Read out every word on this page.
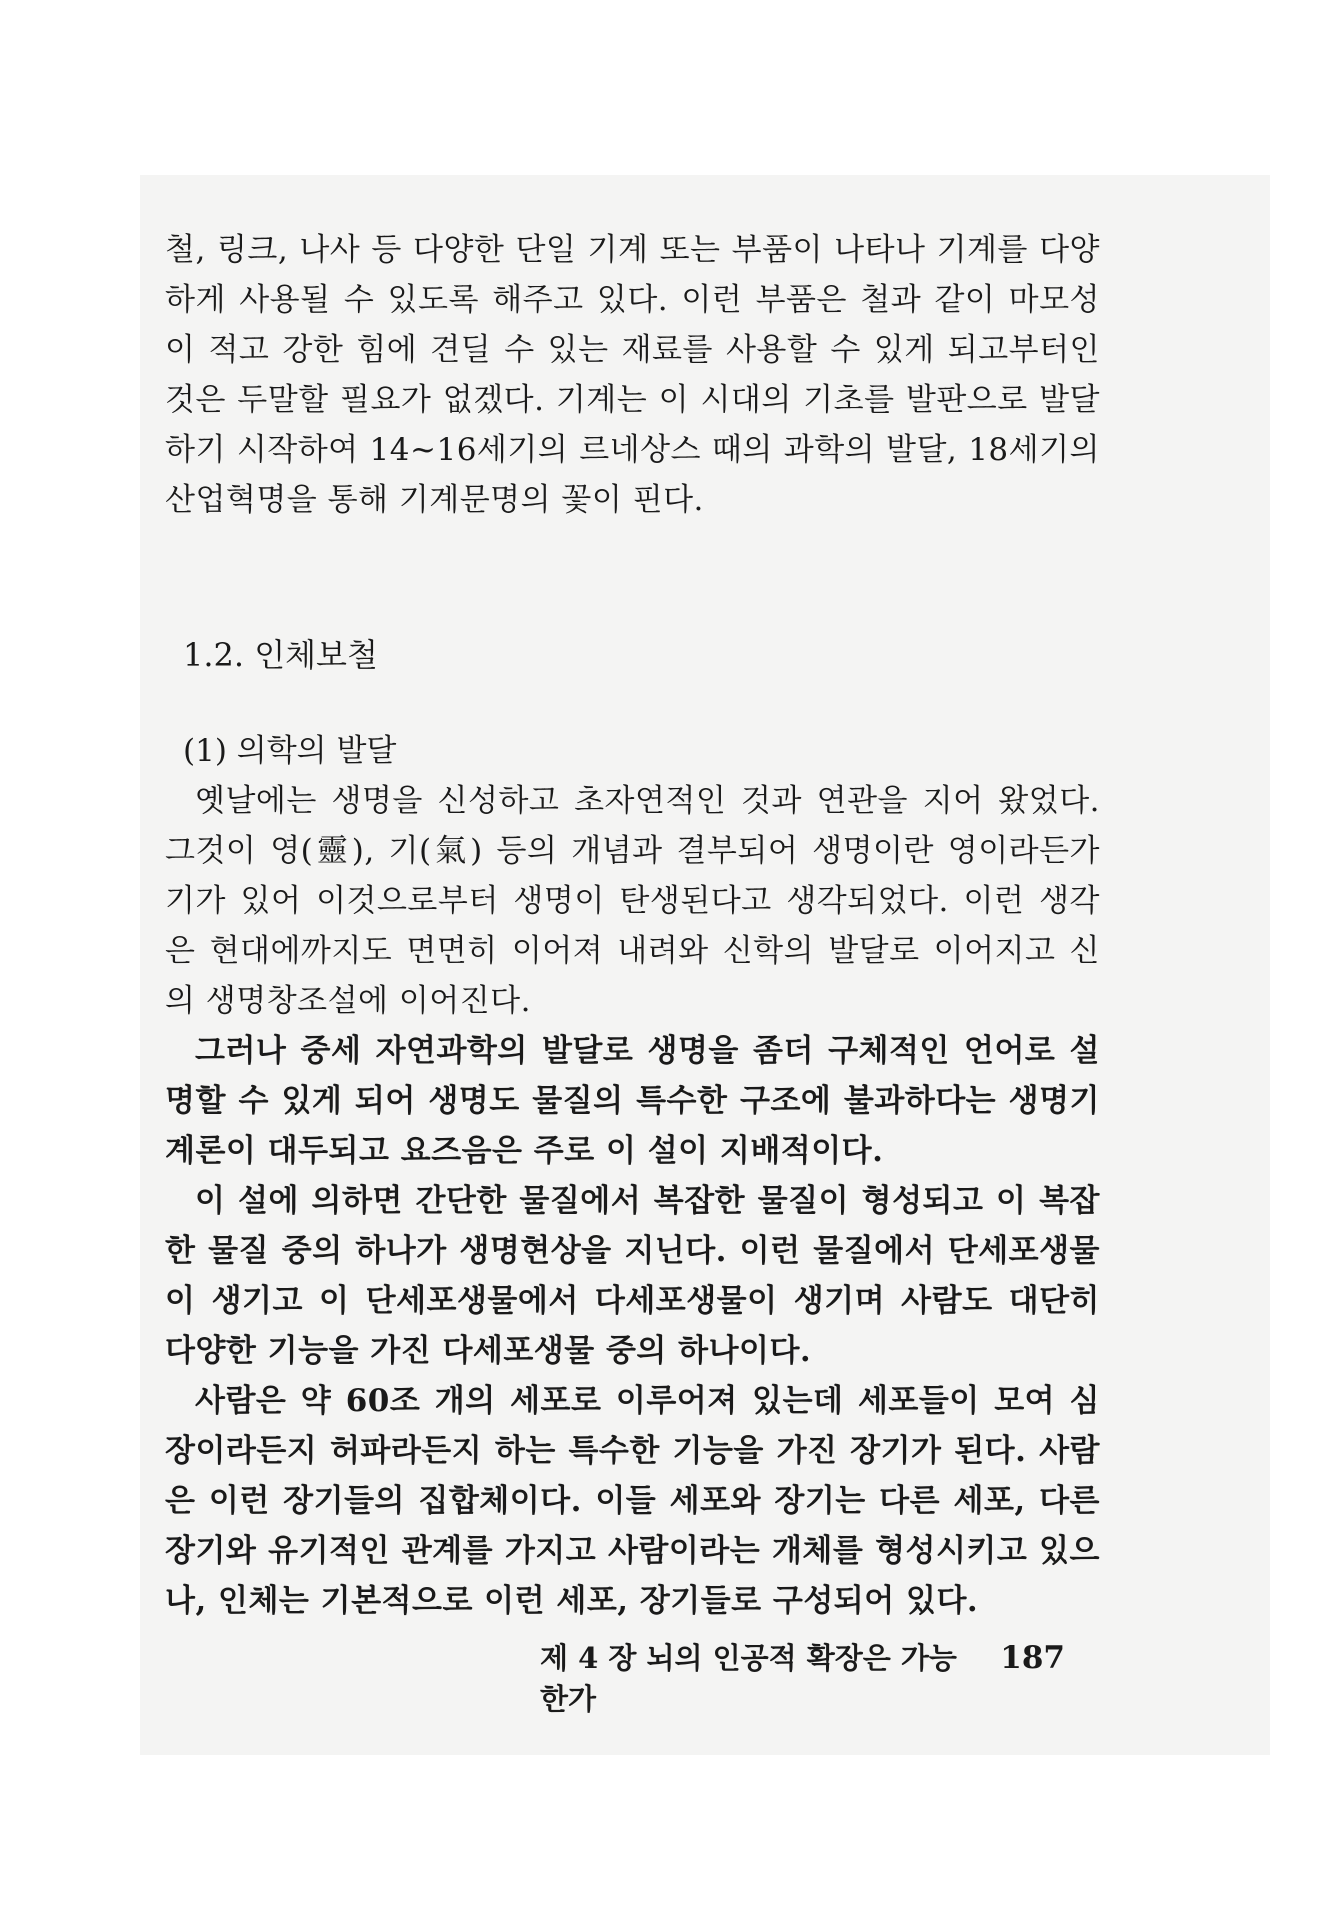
철, 링크, 나사 등 다양한 단일 기계 또는 부품이 나타나 기계를 다양하게 사용될 수 있도록 해주고 있다. 이런 부품은 철과 같이 마모성이 적고 강한 힘에 견딜 수 있는 재료를 사용할 수 있게 되고부터인 것은 두말할 필요가 없겠다. 기계는 이 시대의 기초를 발판으로 발달하기 시작하여 14~16세기의 르네상스 때의 과학의 발달, 18세기의 산업혁명을 통해 기계문명의 꽃이 핀다.

1.2. 인체보철
(1) 의학의 발달

옛날에는 생명을 신성하고 초자연적인 것과 연관을 지어 왔었다. 그것이 영(靈), 기(氣) 등의 개념과 결부되어 생명이란 영이라든가 기가 있어 이것으로부터 생명이 탄생된다고 생각되었다. 이런 생각은 현대에까지도 면면히 이어져 내려와 신학의 발달로 이어지고 신의 생명창조설에 이어진다.

그러나 중세 자연과학의 발달로 생명을 좀더 구체적인 언어로 설명할 수 있게 되어 생명도 물질의 특수한 구조에 불과하다는 생명기계론이 대두되고 요즈음은 주로 이 설이 지배적이다.

이 설에 의하면 간단한 물질에서 복잡한 물질이 형성되고 이 복잡한 물질 중의 하나가 생명현상을 지닌다. 이런 물질에서 단세포생물이 생기고 이 단세포생물에서 다세포생물이 생기며 사람도 대단히 다양한 기능을 가진 다세포생물 중의 하나이다.

사람은 약 60조 개의 세포로 이루어져 있는데 세포들이 모여 심장이라든지 허파라든지 하는 특수한 기능을 가진 장기가 된다. 사람은 이런 장기들의 집합체이다. 이들 세포와 장기는 다른 세포, 다른 장기와 유기적인 관계를 가지고 사람이라는 개체를 형성시키고 있으나, 인체는 기본적으로 이런 세포, 장기들로 구성되어 있다.

제 4 장 뇌의 인공적 확장은 가능한가
187
